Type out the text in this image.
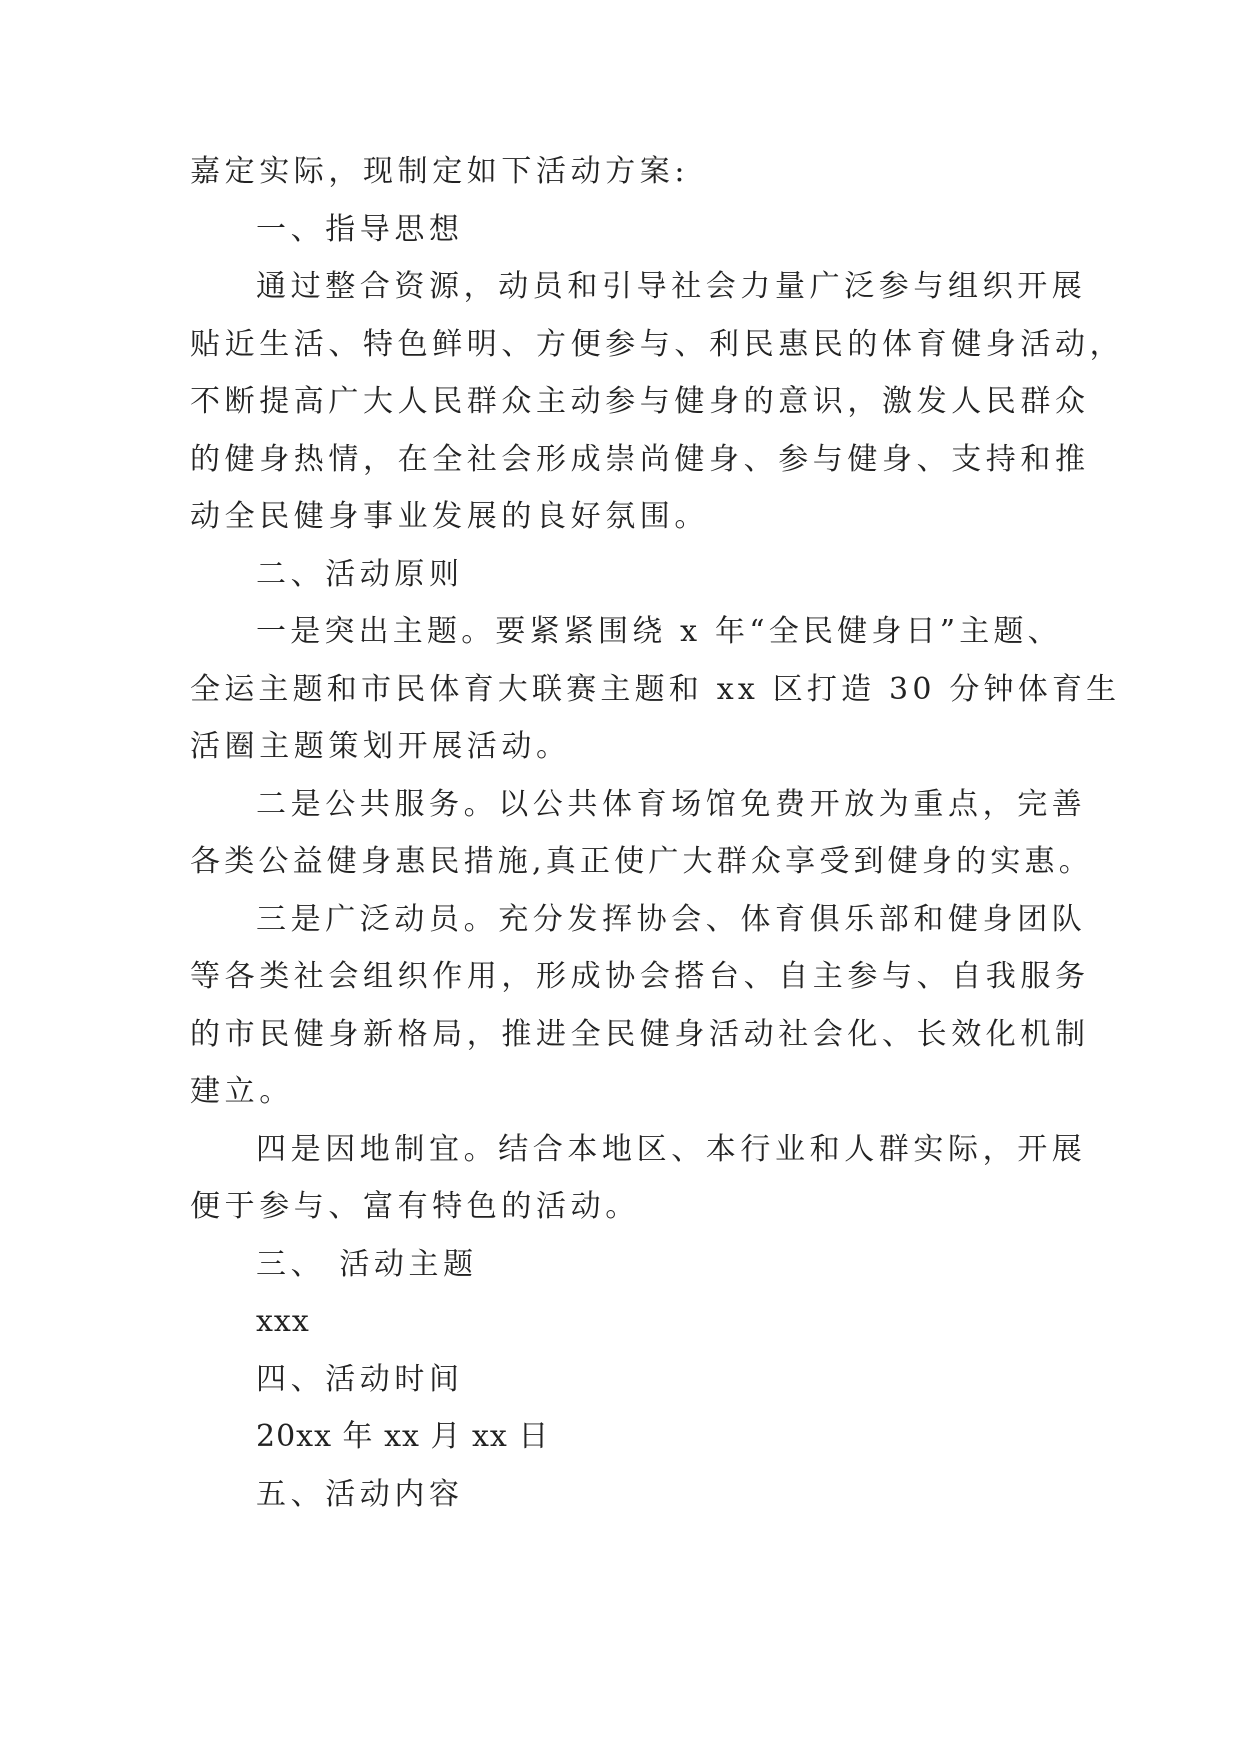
嘉定实际，现制定如下活动方案:
一、指导思想
通过整合资源，动员和引导社会力量广泛参与组织开展
贴近生活、特色鲜明、方便参与、利民惠民的体育健身活动，
不断提高广大人民群众主动参与健身的意识，激发人民群众
的健身热情，在全社会形成崇尚健身、参与健身、支持和推
动全民健身事业发展的良好氛围。
二、活动原则
一是突出主题。要紧紧围绕 x 年“全民健身日”主题、
全运主题和市民体育大联赛主题和 xx 区打造 30 分钟体育生
活圈主题策划开展活动。
二是公共服务。以公共体育场馆免费开放为重点，完善
各类公益健身惠民措施,真正使广大群众享受到健身的实惠。
三是广泛动员。充分发挥协会、体育俱乐部和健身团队
等各类社会组织作用，形成协会搭台、自主参与、自我服务
的市民健身新格局，推进全民健身活动社会化、长效化机制
建立。
四是因地制宜。结合本地区、本行业和人群实际，开展
便于参与、富有特色的活动。
三、 活动主题
xxx
四、活动时间
20xx 年 xx 月 xx 日
五、活动内容
